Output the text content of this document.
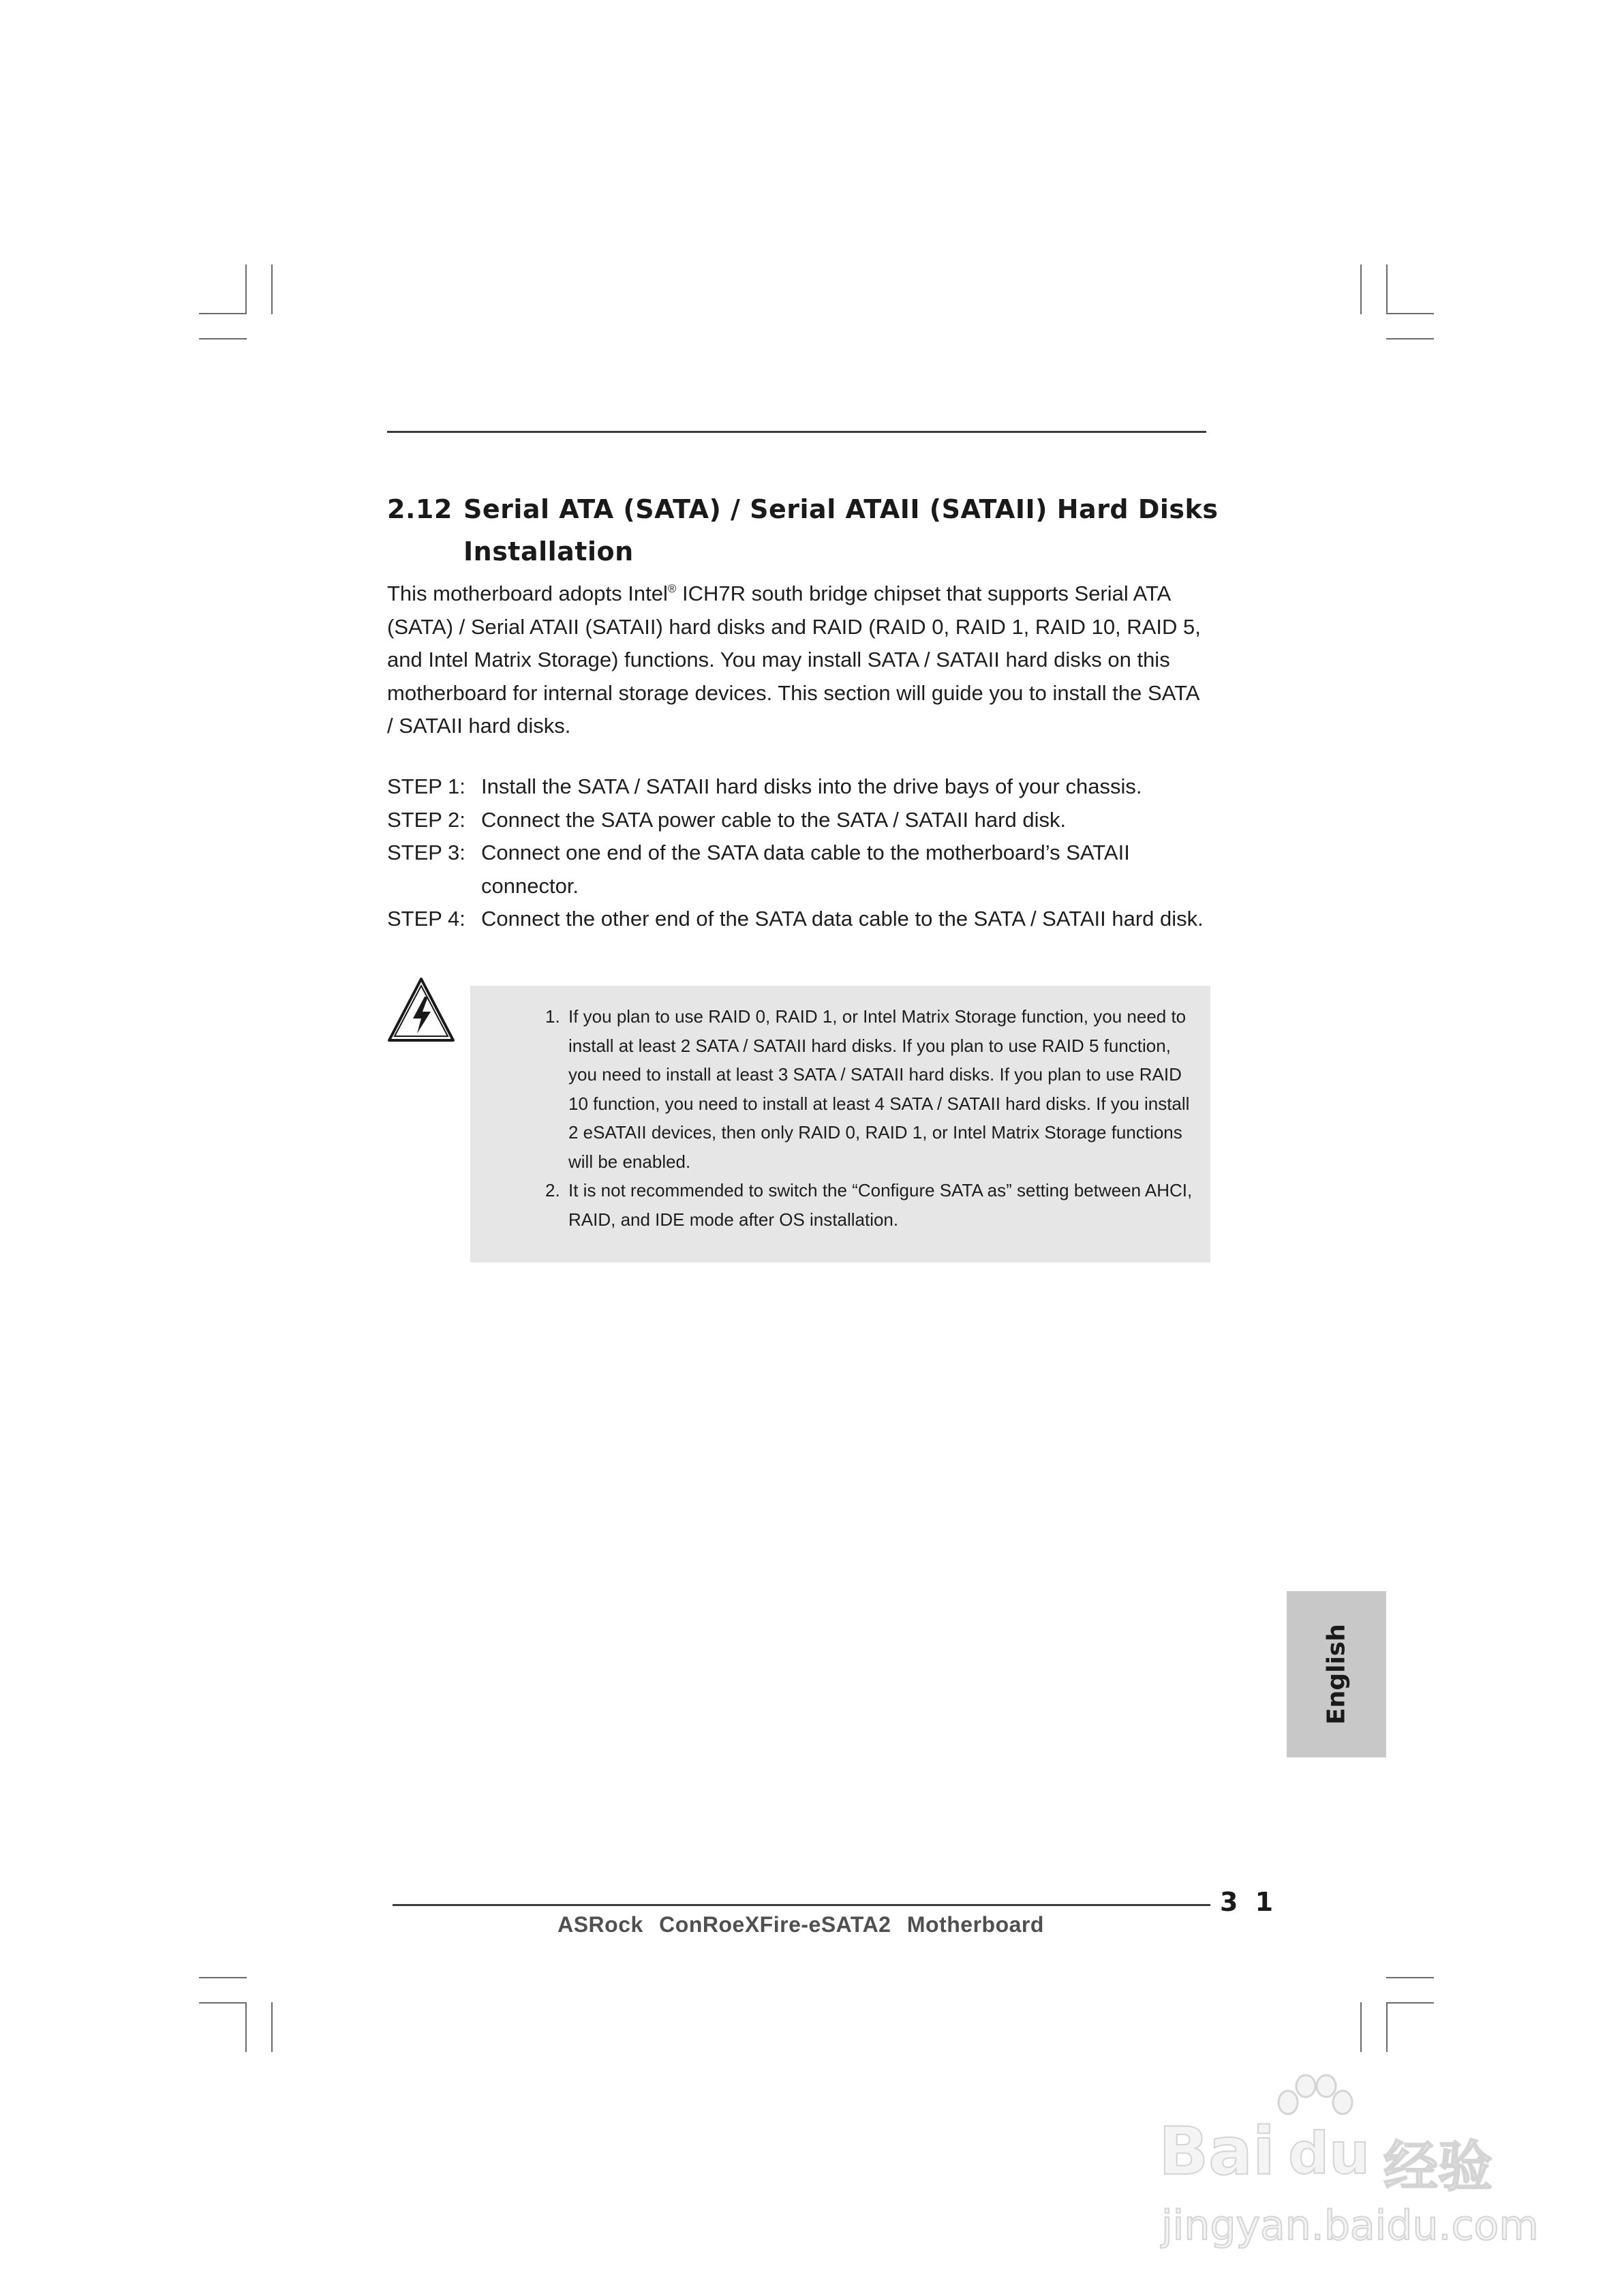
2.12 Serial ATA (SATA) / Serial ATAII (SATAII) Hard Disks
Installation
This motherboard adopts Intel® ICH7R south bridge chipset that supports Serial ATA (SATA) / Serial ATAII (SATAII) hard disks and RAID (RAID 0, RAID 1, RAID 10, RAID 5, and Intel Matrix Storage) functions. You may install SATA / SATAII hard disks on this motherboard for internal storage devices. This section will guide you to install the SATA / SATAII hard disks.
STEP 1: Install the SATA / SATAII hard disks into the drive bays of your chassis.
STEP 2: Connect the SATA power cable to the SATA / SATAII hard disk.
STEP 3: Connect one end of the SATA data cable to the motherboard’s SATAII connector.
STEP 4: Connect the other end of the SATA data cable to the SATA / SATAII hard disk.
1. If you plan to use RAID 0, RAID 1, or Intel Matrix Storage function, you need to install at least 2 SATA / SATAII hard disks. If you plan to use RAID 5 function, you need to install at least 3 SATA / SATAII hard disks. If you plan to use RAID 10 function, you need to install at least 4 SATA / SATAII hard disks. If you install 2 eSATAII devices, then only RAID 0, RAID 1, or Intel Matrix Storage functions will be enabled.
2. It is not recommended to switch the “Configure SATA as” setting between AHCI, RAID, and IDE mode after OS installation.
English
3 1
ASRock ConRoeXFire-eSATA2 Motherboard
Bai du 经验
jingyan.baidu.com
